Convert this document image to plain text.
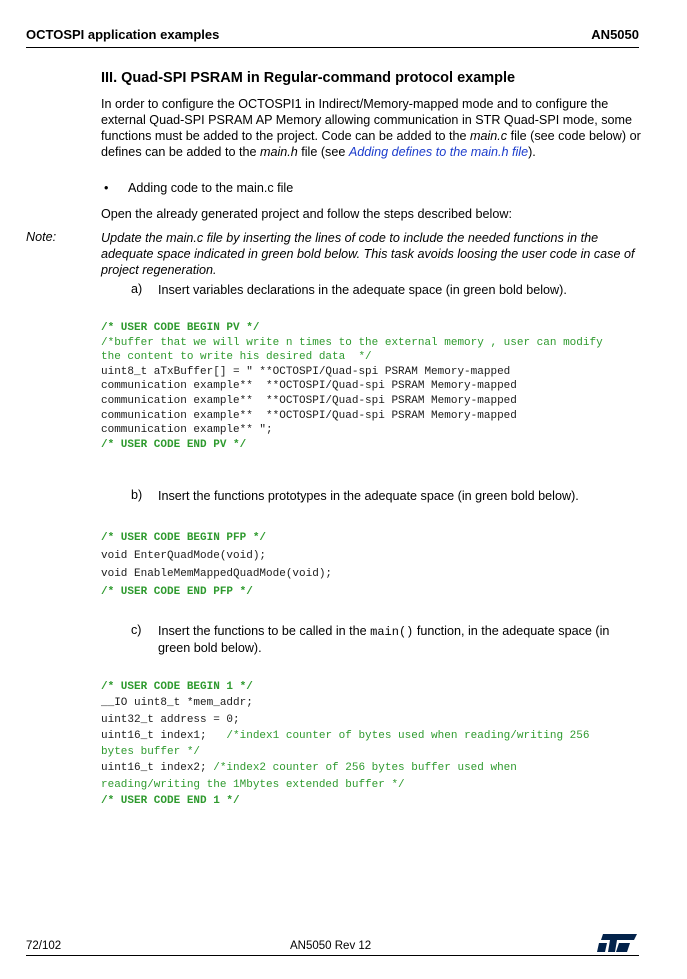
OCTOSPI application examples	AN5050
III. Quad-SPI PSRAM in Regular-command protocol example
In order to configure the OCTOSPI1 in Indirect/Memory-mapped mode and to configure the external Quad-SPI PSRAM AP Memory allowing communication in STR Quad-SPI mode, some functions must be added to the project. Code can be added to the main.c file (see code below) or defines can be added to the main.h file (see Adding defines to the main.h file).
• Adding code to the main.c file
Open the already generated project and follow the steps described below:
Note:	Update the main.c file by inserting the lines of code to include the needed functions in the adequate space indicated in green bold below. This task avoids loosing the user code in case of project regeneration.
a) Insert variables declarations in the adequate space (in green bold below).
/* USER CODE BEGIN PV */
/*buffer that we will write n times to the external memory , user can modify
the content to write his desired data  */
uint8_t aTxBuffer[] = " **OCTOSPI/Quad-spi PSRAM Memory-mapped
communication example**  **OCTOSPI/Quad-spi PSRAM Memory-mapped
communication example**  **OCTOSPI/Quad-spi PSRAM Memory-mapped
communication example**  **OCTOSPI/Quad-spi PSRAM Memory-mapped
communication example** ";
/* USER CODE END PV */
b) Insert the functions prototypes in the adequate space (in green bold below).
/* USER CODE BEGIN PFP */
void EnterQuadMode(void);
void EnableMemMappedQuadMode(void);
/* USER CODE END PFP */
c) Insert the functions to be called in the main() function, in the adequate space (in green bold below).
/* USER CODE BEGIN 1 */
__IO uint8_t *mem_addr;
uint32_t address = 0;
uint16_t index1;   /*index1 counter of bytes used when reading/writing 256
bytes buffer */
uint16_t index2; /*index2 counter of 256 bytes buffer used when
reading/writing the 1Mbytes extended buffer */
/* USER CODE END 1 */
72/102	AN5050 Rev 12
